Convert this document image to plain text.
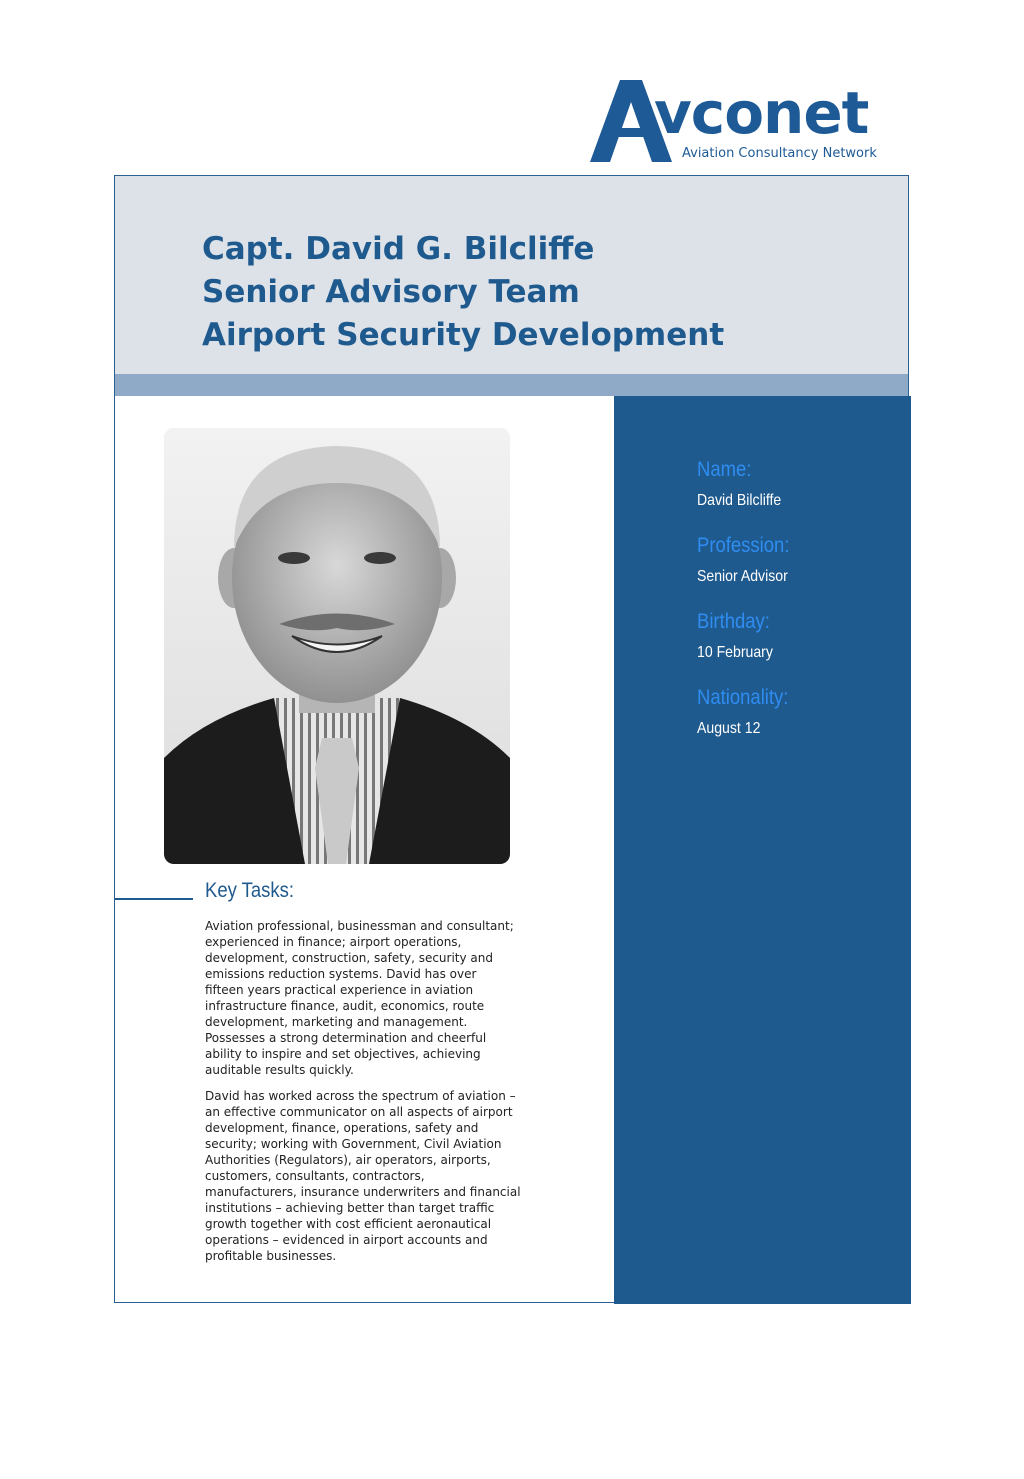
vconet
Aviation Consultancy Network
Capt. David G. Bilcliffe
Senior Advisory Team
Airport Security Development
Key Tasks:

Aviation professional, businessman and consultant;
experienced in finance; airport operations,
development, construction, safety, security and
emissions reduction systems. David has over
fifteen years practical experience in aviation
infrastructure finance, audit, economics, route
development, marketing and management.
Possesses a strong determination and cheerful
ability to inspire and set objectives, achieving
auditable results quickly.

David has worked across the spectrum of aviation –
an effective communicator on all aspects of airport
development, finance, operations, safety and
security; working with Government, Civil Aviation
Authorities (Regulators), air operators, airports,
customers, consultants, contractors,
manufacturers, insurance underwriters and financial
institutions – achieving better than target traffic
growth together with cost efficient aeronautical
operations – evidenced in airport accounts and
profitable businesses.

Name:
David Bilcliffe
Profession:
Senior Advisor
Birthday:
10 February
Nationality:
August 12
